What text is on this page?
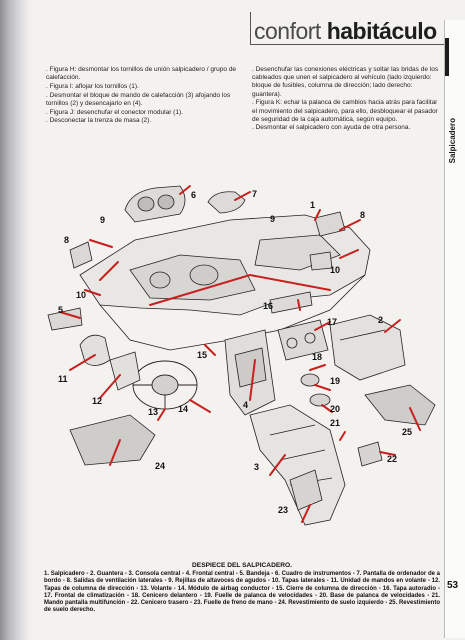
confort habitáculo
Salpicadero

. Figura H: desmontar los tornillos de unión salpicadero / grupo de calefacción.

. Figura I: aflojar los tornillos (1).

. Desmontar el bloque de mando de calefacción (3) afojando los tornillos (2) y desencajarlo en (4).

. Figura J: desenchufar el conector modular (1).

. Desconectar la trenza de masa (2).

. Desenchufar las conexiones eléctricas y soltar las bridas de los cableados que unen el salpicadero al vehículo (lado izquierdo: bloque de fusibles, columna de dirección; lado derecho: guantera).

. Figura K: echar la palanca de cambios hacia atrás para facilitar el movimiento del salpicadero, para ello, desbloquear el pasador de seguridad de la caja automática, según equipo.

. Desmontar el salpicadero con ayuda de otra persona.

1
2
3
4
5
6	7
8
8
9	9
10
10
11
12
13 14
15
16
17
18
19
20
21
22
23
24
25
DESPIECE DEL SALPICADERO.
1. Salpicadero - 2. Guantera - 3. Consola central - 4. Frontal central - 5. Bandeja - 6. Cuadro de instrumentos - 7. Pantalla de ordenador de a bordo - 8. Salidas de ventilación laterales - 9. Rejillas de altavoces de agudos - 10. Tapas laterales - 11. Unidad de mandos en volante - 12. Tapas de columna de dirección - 13. Volante - 14. Módulo de airbag conductor - 15. Cierre de columna de dirección - 16. Tapa autoradio - 17. Frontal de climatización - 18. Cenicero delantero - 19. Fuelle de palanca de velocidades - 20. Base de palanca de velocidades - 21. Mando pantalla multifunción - 22. Cenicero trasero - 23. Fuelle de freno de mano - 24. Revestimiento de suelo izquierdo - 25. Revestimiento de suelo derecho.
53
